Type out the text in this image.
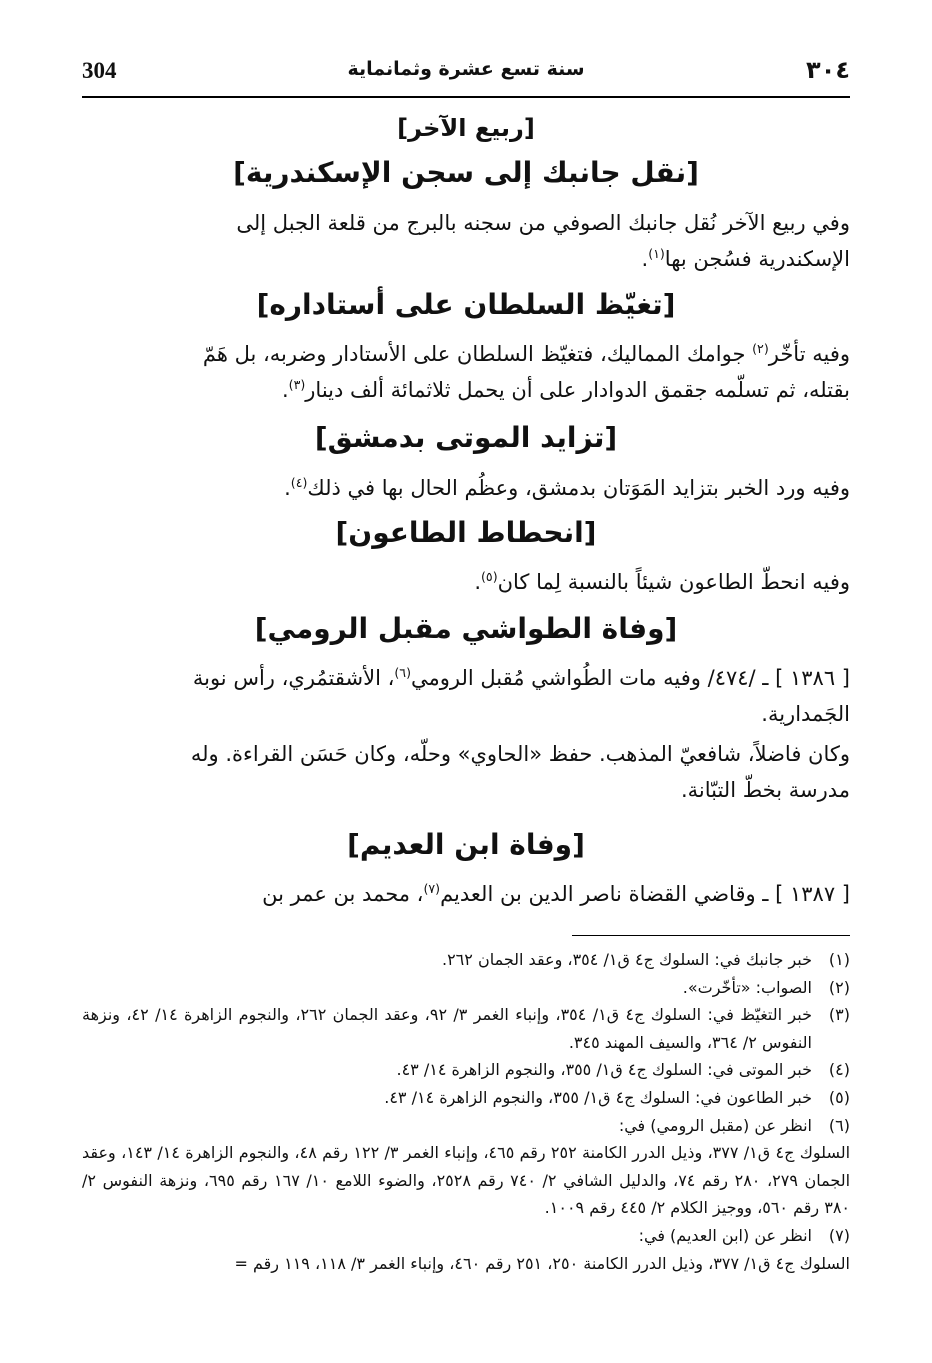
304	سنة تسع عشرة وثمانماية	٣٠٤
[ربيع الآخر]
[نقل جانبك إلى سجن الإسكندرية]
وفي ربيع الآخر نُقل جانبك الصوفي من سجنه بالبرج من قلعة الجبل إلى
الإسكندرية فسُجن بها$^{(١)}$.
[تغيّظ السلطان على أستاداره]
وفيه تأخّر$^{(٢)}$ جوامك المماليك، فتغيّظ السلطان على الأستادار وضربه، بل هَمّ
بقتله، ثم تسلّمه جقمق الدوادار على أن يحمل ثلاثمائة ألف دينار$^{(٣)}$.
[تزايد الموتى بدمشق]
وفيه ورد الخبر بتزايد المَوَتان بدمشق، وعظُم الحال بها في ذلك$^{(٤)}$.
[انحطاط الطاعون]
وفيه انحطّ الطاعون شيئاً بالنسبة لِما كان$^{(٥)}$.
[وفاة الطواشي مقبل الرومي]
[ ١٣٨٦ ] ـ /٤٧٤/ وفيه مات الطُواشي مُقبل الرومي$^{(٦)}$، الأشقتمُري، رأس نوبة
الجَمدارية.
وكان فاضلاً، شافعيّ المذهب. حفظ «الحاوي» وحلّه، وكان حَسَن القراءة. وله
مدرسة بخطّ التبّانة.
[وفاة ابن العديم]
[ ١٣٨٧ ] ـ وقاضي القضاة ناصر الدين بن العديم$^{(٧)}$، محمد بن عمر بن
(١)
خبر جانبك في: السلوك ج٤ ق١/ ٣٥٤، وعقد الجمان ٢٦٢.
(٢)
الصواب: «تأخّرت».
(٣)
خبر التغيّظ في: السلوك ج٤ ق١/ ٣٥٤، وإنباء الغمر ٣/ ٩٢، وعقد الجمان ٢٦٢، والنجوم الزاهرة ١٤/ ٤٢، ونزهة النفوس ٢/ ٣٦٤، والسيف المهند ٣٤٥.
(٤)
خبر الموتى في: السلوك ج٤ ق١/ ٣٥٥، والنجوم الزاهرة ١٤/ ٤٣.
(٥)
خبر الطاعون في: السلوك ج٤ ق١/ ٣٥٥، والنجوم الزاهرة ١٤/ ٤٣.
(٦)
انظر عن (مقبل الرومي) في:
السلوك ج٤ ق١/ ٣٧٧، وذيل الدرر الكامنة ٢٥٢ رقم ٤٦٥، وإنباء الغمر ٣/ ١٢٢ رقم ٤٨، والنجوم الزاهرة ١٤/ ١٤٣، وعقد الجمان ٢٧٩، ٢٨٠ رقم ٧٤، والدليل الشافي ٢/ ٧٤٠ رقم ٢٥٢٨، والضوء اللامع ١٠/ ١٦٧ رقم ٦٩٥، ونزهة النفوس ٢/ ٣٨٠ رقم ٥٦٠، ووجيز الكلام ٢/ ٤٤٥ رقم ١٠٠٩.
(٧)
انظر عن (ابن العديم) في:
السلوك ج٤ ق١/ ٣٧٧، وذيل الدرر الكامنة ٢٥٠، ٢٥١ رقم ٤٦٠، وإنباء الغمر ٣/ ١١٨، ١١٩ رقم =
